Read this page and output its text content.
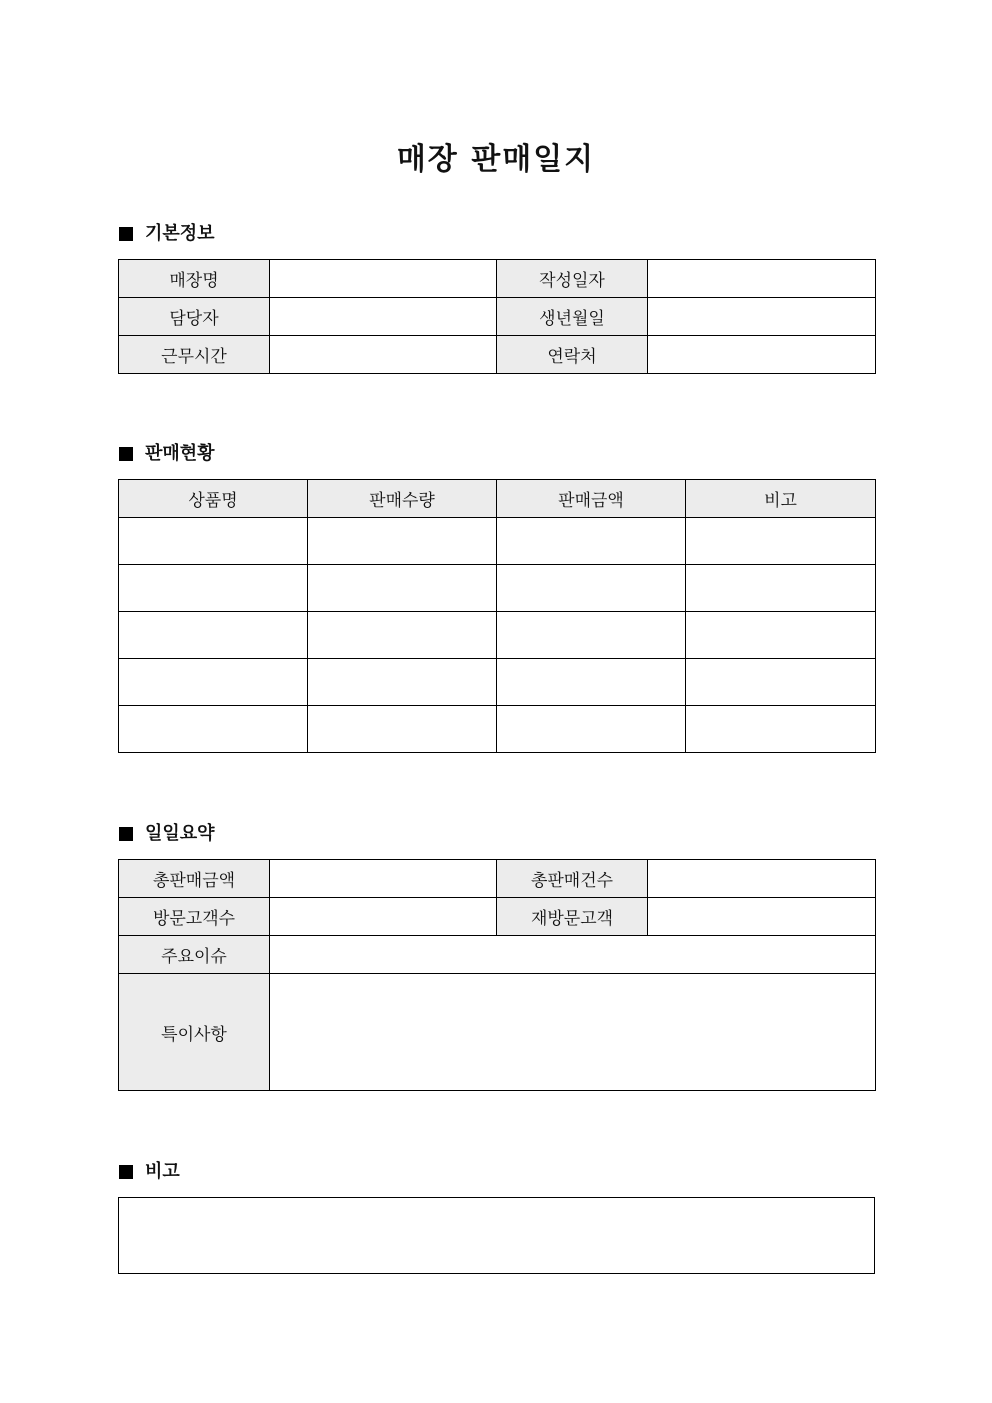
매장 판매일지
기본정보
매장명		작성일자	
담당자		생년월일	
근무시간		연락처	
판매현황
상품명	판매수량	판매금액	비고

일일요약
총판매금액		총판매건수	
방문고객수		재방문고객	
주요이슈			
특이사항			
비고
